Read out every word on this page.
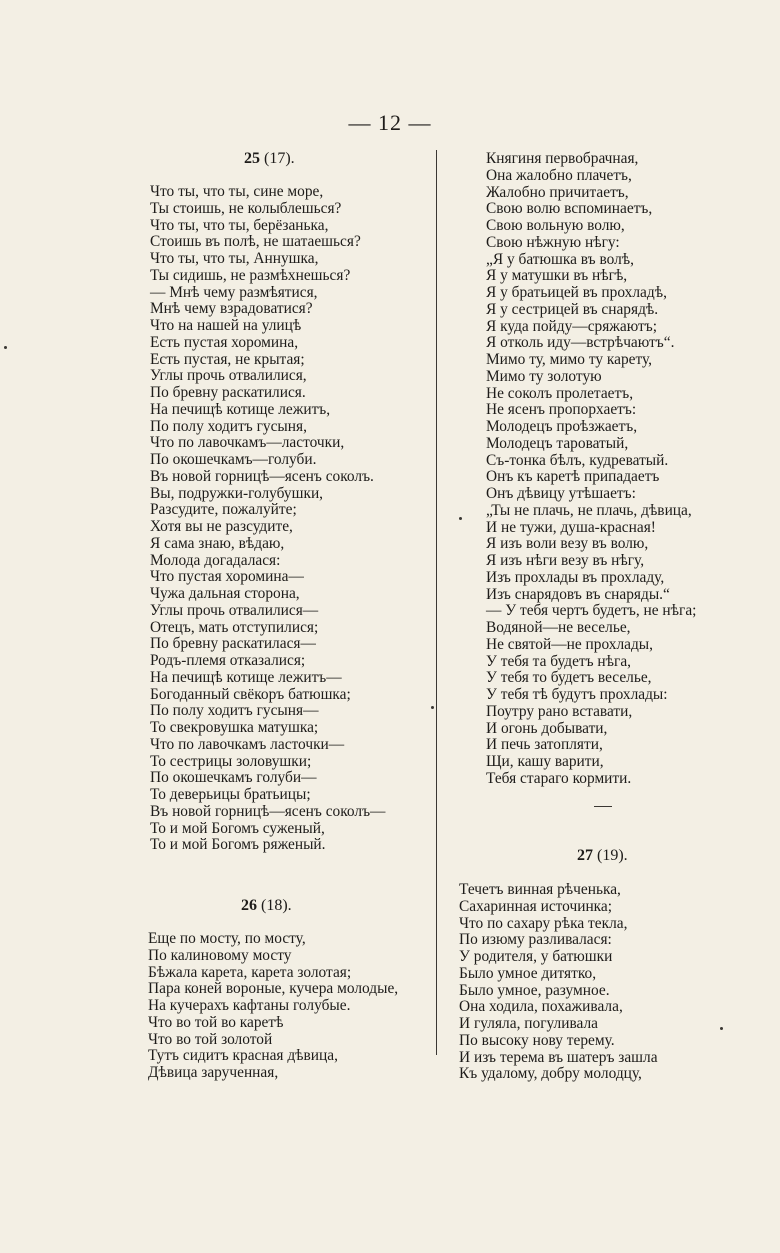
— 12 —
25 (17).
Что ты, что ты, сине море,
Ты стоишь, не колыблешься?
Что ты, что ты, берёзанька,
Стоишь въ полѣ, не шатаешься?
Что ты, что ты, Аннушка,
Ты сидишь, не размѣхнешься?
— Мнѣ чему размѣятися,
Мнѣ чему взрадоватися?
Что на нашей на улицѣ
Есть пустая хоромина,
Есть пустая, не крытая;
Углы прочь отвалилися,
По бревну раскатилися.
На печищѣ котище лежитъ,
По полу ходитъ гусыня,
Что по лавочкамъ—ласточки,
По окошечкамъ—голуби.
Въ новой горницѣ—ясенъ соколъ.
Вы, подружки-голубушки,
Разсудите, пожалуйте;
Хотя вы не разсудите,
Я сама знаю, вѣдаю,
Молода догадалася:
Что пустая хоромина—
Чужа дальная сторона,
Углы прочь отвалилися—
Отецъ, мать отступилися;
По бревну раскатилася—
Родъ-племя отказалися;
На печищѣ котище лежитъ—
Богоданный свёкоръ батюшка;
По полу ходитъ гусыня—
То свекровушка матушка;
Что по лавочкамъ ласточки—
То сестрицы золовушки;
По окошечкамъ голуби—
То деверьицы братьицы;
Въ новой горницѣ—ясенъ соколъ—
То и мой Богомъ суженый,
То и мой Богомъ ряженый.
26 (18).
Еще по мосту, по мосту,
По калиновому мосту
Бѣжала карета, карета золотая;
Пара коней вороные, кучера молодые,
На кучерахъ кафтаны голубые.
Что во той во каретѣ
Что во той золотой
Тутъ сидитъ красная дѣвица,
Дѣвица зарученная,
Княгиня первобрачная,
Она жалобно плачетъ,
Жалобно причитаетъ,
Свою волю вспоминаетъ,
Свою вольную волю,
Свою нѣжную нѣгу:
„Я у батюшка въ волѣ,
Я у матушки въ нѣгѣ,
Я у братьицей въ прохладѣ,
Я у сестрицей въ снарядѣ.
Я куда пойду—сряжаютъ;
Я отколь иду—встрѣчаютъ“.
Мимо ту, мимо ту карету,
Мимо ту золотую
Не соколъ пролетаетъ,
Не ясенъ пропорхаетъ:
Молодецъ проѣзжаетъ,
Молодецъ тароватый,
Съ-тонка бѣлъ, кудреватый.
Онъ къ каретѣ припадаетъ
Онъ дѣвицу утѣшаетъ:
„Ты не плачь, не плачь, дѣвица,
И не тужи, душа-красная!
Я изъ воли везу въ волю,
Я изъ нѣги везу въ нѣгу,
Изъ прохлады въ прохладу,
Изъ снарядовъ въ снаряды.“
— У тебя чертъ будетъ, не нѣга;
Водяной—не веселье,
Не святой—не прохлады,
У тебя та будетъ нѣга,
У тебя то будетъ веселье,
У тебя тѣ будутъ прохлады:
Поутру рано вставати,
И огонь добывати,
И печь затопляти,
Щи, кашу варити,
Тебя стараго кормити.
27 (19).
Течетъ винная рѣченька,
Сахаринная источинка;
Что по сахару рѣка текла,
По изюму разливалася:
У родителя, у батюшки
Было умное дитятко,
Было умное, разумное.
Она ходила, похаживала,
И гуляла, погуливала
По высоку нову терему.
И изъ терема въ шатеръ зашла
Къ удалому, добру молодцу,
